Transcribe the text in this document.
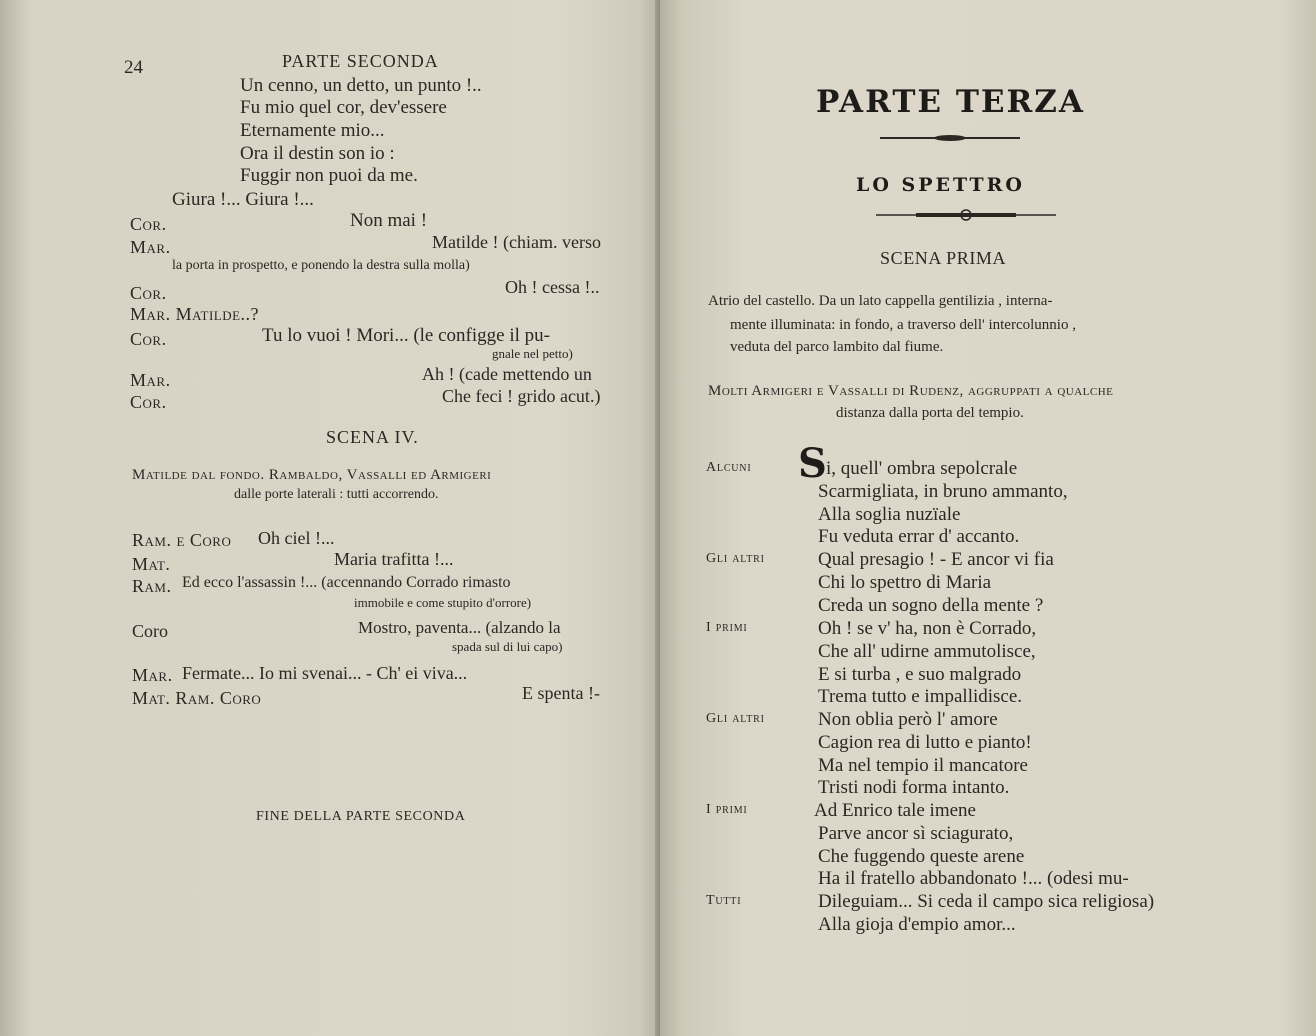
24	PARTE SECONDA
Un cenno, un detto, un punto !..
Fu mio quel cor, dev'essere
Eternamente mio...
Ora il destin son io :
Fuggir non puoi da me.
Giura !... Giura !...
Cor.	Non mai !
Mar.	Matilde ! (chiam. verso
la porta in prospetto, e ponendo la destra sulla molla)
Cor.	Oh ! cessa !..
Mar. Matilde..?
Cor.	Tu lo vuoi ! Mori... (le configge il pu-
gnale nel petto)
Mar.	Ah ! (cade mettendo un
Cor.	Che feci ! grido acut.)
SCENA IV.
Matilde dal fondo. Rambaldo, Vassalli ed Armigeri
dalle porte laterali : tutti accorrendo.
Ram. e Coro Oh ciel !...
Mat.	Maria trafitta !...
Ram. Ed ecco l'assassin !... (accennando Corrado rimasto
immobile e come stupito d'orrore)
Coro	Mostro, paventa... (alzando la
spada sul di lui capo)
Mar. Fermate... Io mi svenai... - Ch' ei viva...
Mat. Ram. Coro	E spenta !-
FINE DELLA PARTE SECONDA
PARTE TERZA
LO SPETTRO
SCENA PRIMA
Atrio del castello. Da un lato cappella gentilizia , interna-
mente illuminata: in fondo, a traverso dell' intercolunnio ,
veduta del parco lambito dal fiume.
Molti Armigeri e Vassalli di Rudenz, aggruppati a qualche
distanza dalla porta del tempio.
S
Alcuni	i, quell' ombra sepolcrale
Scarmigliata, in bruno ammanto,
Alla soglia nuzïale
Fu veduta errar d' accanto.
Gli altri	Qual presagio ! - E ancor vi fia
Chi lo spettro di Maria
Creda un sogno della mente ?
I primi	Oh ! se v' ha, non è Corrado,
Che all' udirne ammutolisce,
E si turba , e suo malgrado
Trema tutto e impallidisce.
Gli altri	Non oblia però l' amore
Cagion rea di lutto e pianto!
Ma nel tempio il mancatore
Tristi nodi forma intanto.
I primi	Ad Enrico tale imene
Parve ancor sì sciagurato,
Che fuggendo queste arene
Ha il fratello abbandonato !... (odesi mu-
Tutti	Dileguiam... Si ceda il campo sica religiosa)
Alla gioja d'empio amor...
